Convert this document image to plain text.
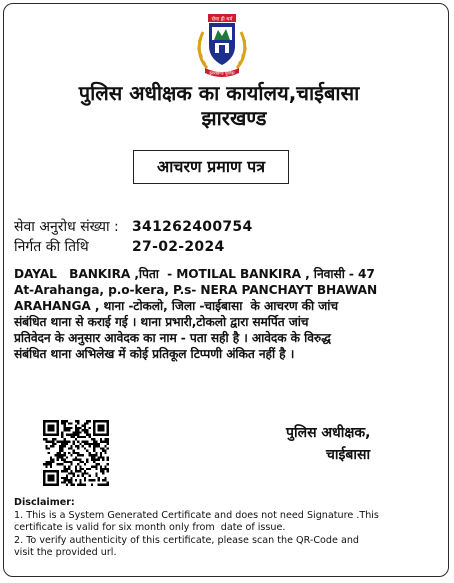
सेवा ही धर्म
झारखण्ड पुलिस
पुलिस अधीक्षक का कार्यालय,चाईबासा
झारखण्ड
आचरण प्रमाण पत्र
सेवा अनुरोध संख्या : 341262400754
निर्गत की तिथि	27-02-2024
DAYAL   BANKIRA ,पिता  - MOTILAL BANKIRA , निवासी - 47
At-Arahanga, p.o-kera, P.s- NERA PANCHAYT BHAWAN
ARAHANGA , थाना -टोकलो, जिला -चाईबासा  के आचरण की जांच
संबंधित थाना से कराई गई । थाना प्रभारी,टोकलो द्वारा समर्पित जांच
प्रतिवेदन के अनुसार आवेदक का नाम - पता सही है । आवेदक के विरुद्ध
संबंधित थाना अभिलेख में कोई प्रतिकूल टिप्पणी अंकित नहीं है ।
पुलिस अधीक्षक,
चाईबासा
Disclaimer:
1. This is a System Generated Certificate and does not need Signature .This
certificate is valid for six month only from  date of issue.
2. To verify authenticity of this certificate, please scan the QR-Code and
visit the provided url.
